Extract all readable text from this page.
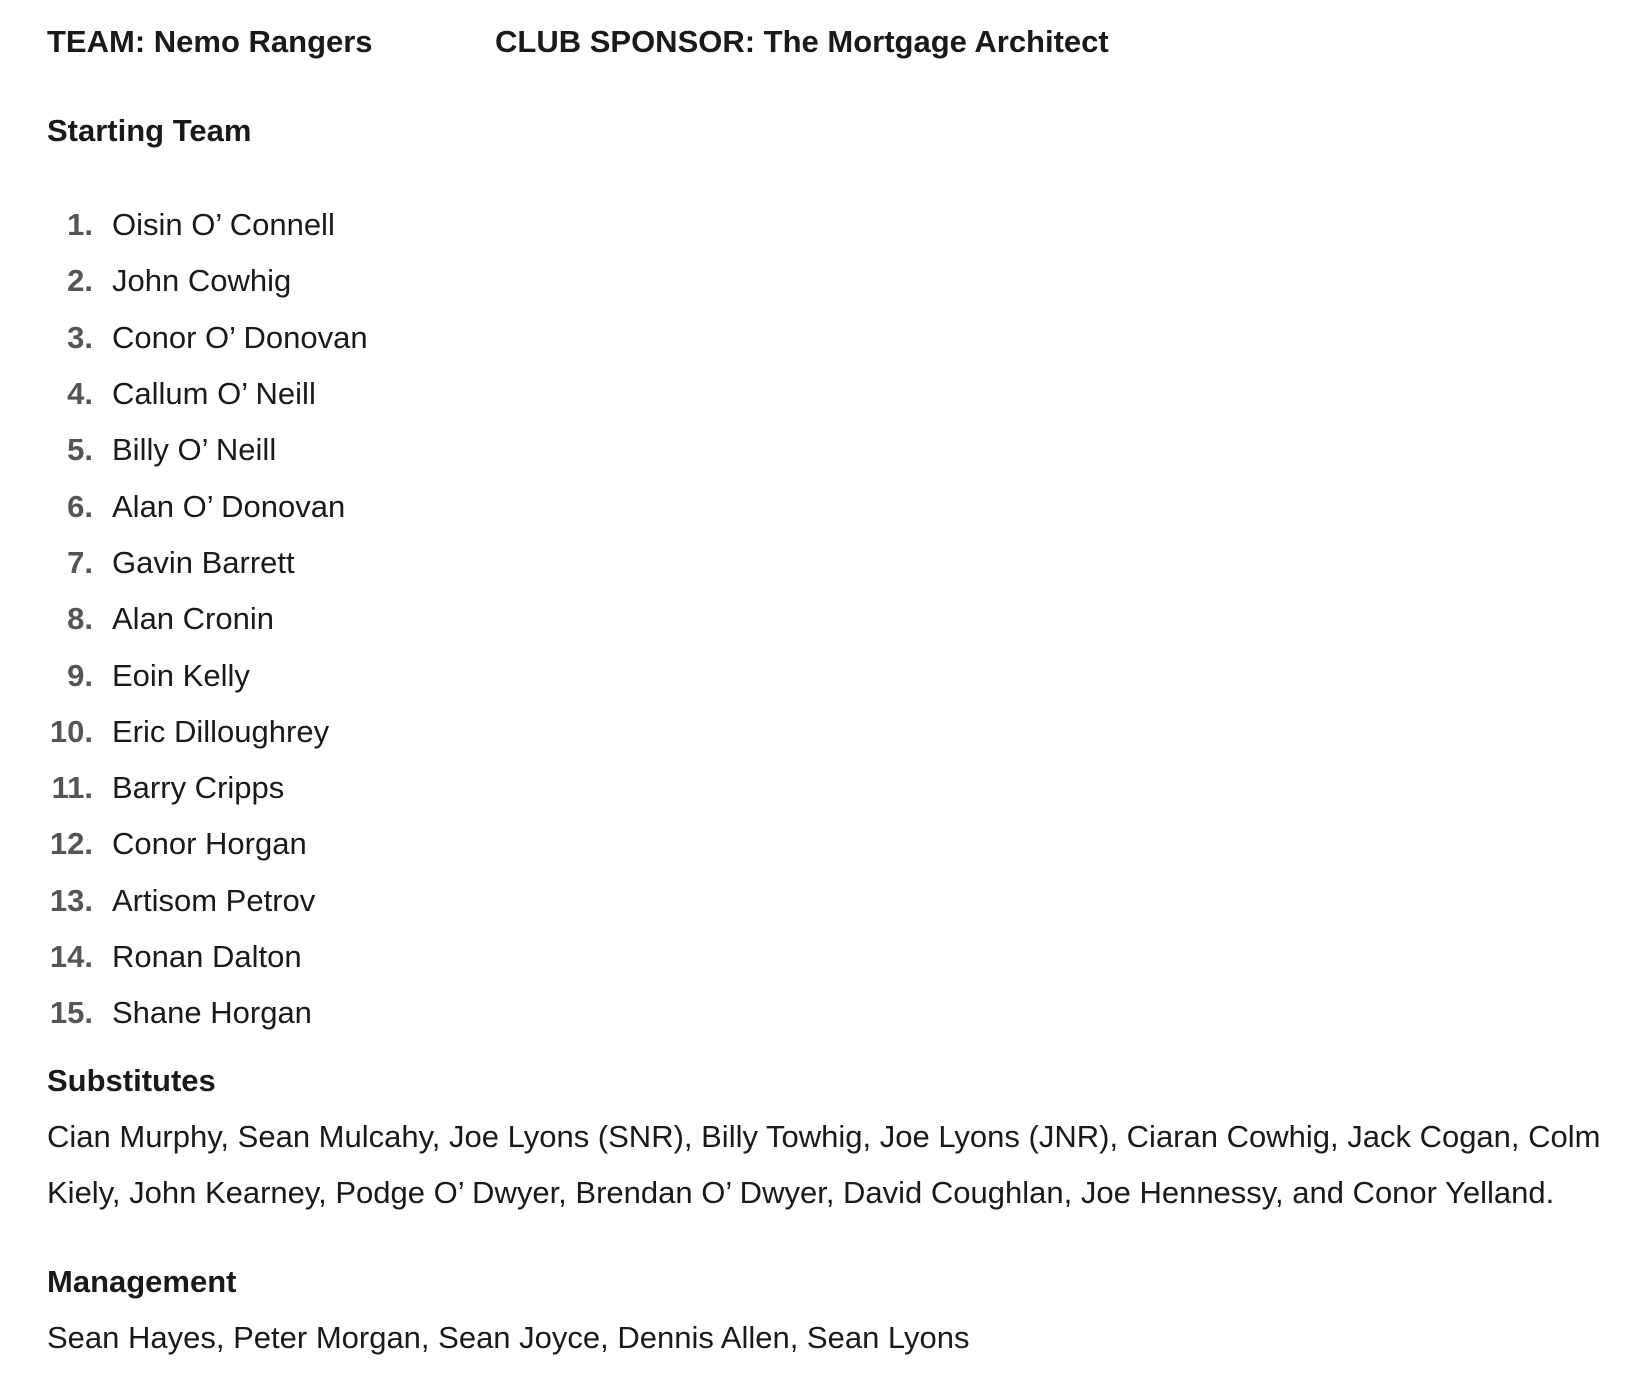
TEAM: Nemo Rangers	CLUB SPONSOR: The Mortgage Architect
Starting Team
1. Oisin O’ Connell
2. John Cowhig
3. Conor O’ Donovan
4. Callum O’ Neill
5. Billy O’ Neill
6. Alan O’ Donovan
7. Gavin Barrett
8. Alan Cronin
9. Eoin Kelly
10. Eric Dilloughrey
11. Barry Cripps
12. Conor Horgan
13. Artisom Petrov
14. Ronan Dalton
15. Shane Horgan
Substitutes
Cian Murphy, Sean Mulcahy, Joe Lyons (SNR), Billy Towhig, Joe Lyons (JNR), Ciaran Cowhig, Jack Cogan, Colm Kiely, John Kearney, Podge O’ Dwyer, Brendan O’ Dwyer, David Coughlan, Joe Hennessy, and Conor Yelland.
Management
Sean Hayes, Peter Morgan, Sean Joyce, Dennis Allen, Sean Lyons
